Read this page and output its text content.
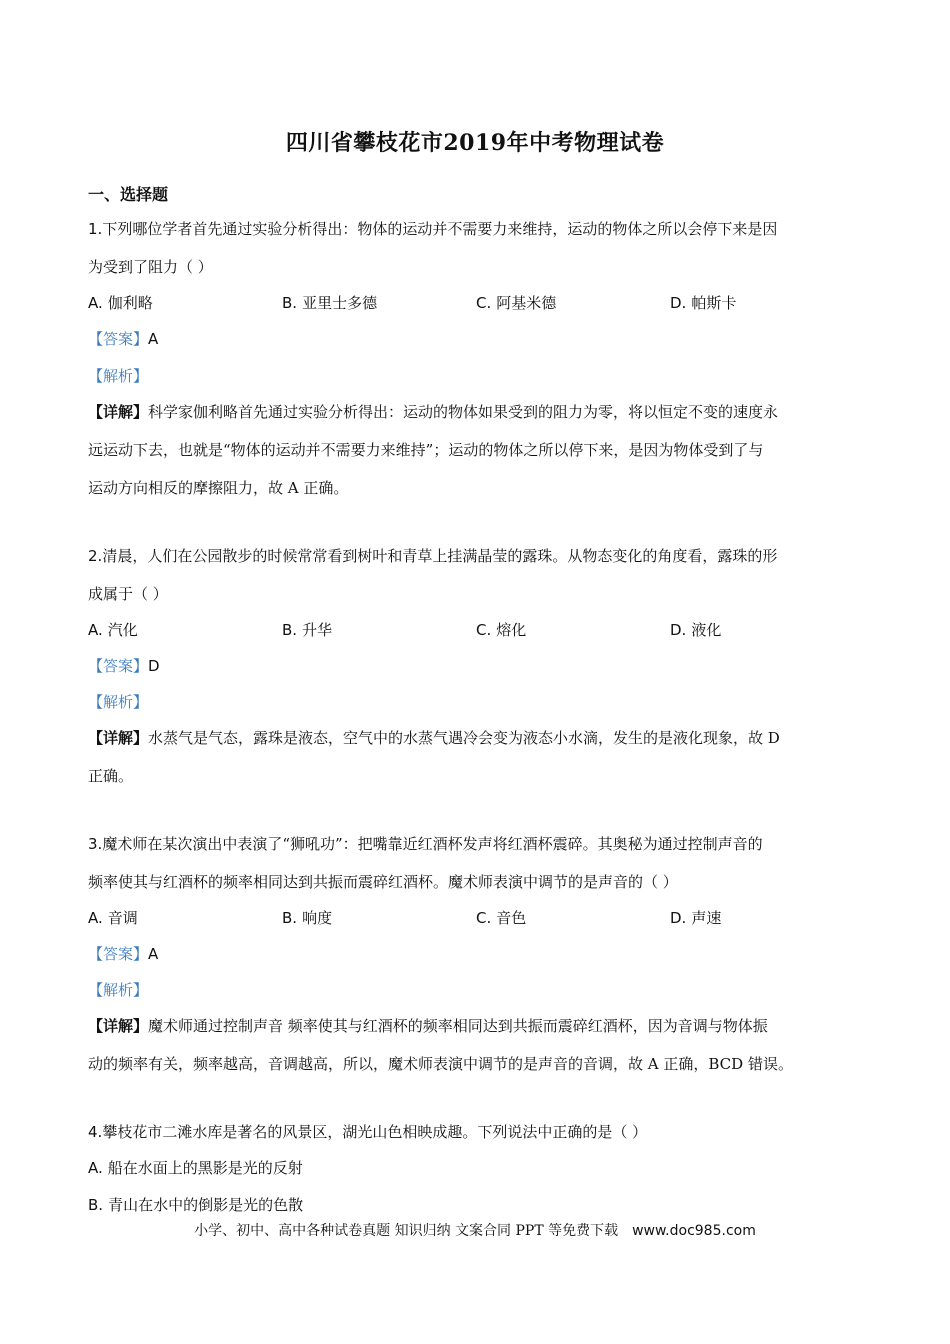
四川省攀枝花市2019年中考物理试卷
一、选择题
1.下列哪位学者首先通过实验分析得出：物体的运动并不需要力来维持，运动的物体之所以会停下来是因
为受到了阻力（ ）
A. 伽利略	B. 亚里士多德	C. 阿基米德	D. 帕斯卡
【答案】A
【解析】
【详解】科学家伽利略首先通过实验分析得出：运动的物体如果受到的阻力为零，将以恒定不变的速度永
远运动下去，也就是“物体的运动并不需要力来维持”；运动的物体之所以停下来，是因为物体受到了与
运动方向相反的摩擦阻力，故 A 正确。
2.清晨，人们在公园散步的时候常常看到树叶和青草上挂满晶莹的露珠。从物态变化的角度看，露珠的形
成属于（ ）
A. 汽化	B. 升华	C. 熔化	D. 液化
【答案】D
【解析】
【详解】水蒸气是气态，露珠是液态，空气中的水蒸气遇冷会变为液态小水滴，发生的是液化现象，故 D
正确。
3.魔术师在某次演出中表演了“狮吼功”：把嘴靠近红酒杯发声将红酒杯震碎。其奥秘为通过控制声音的
频率使其与红酒杯的频率相同达到共振而震碎红酒杯。魔术师表演中调节的是声音的（ ）
A. 音调	B. 响度	C. 音色	D. 声速
【答案】A
【解析】
【详解】魔术师通过控制声音 频率使其与红酒杯的频率相同达到共振而震碎红酒杯，因为音调与物体振
动的频率有关，频率越高，音调越高，所以，魔术师表演中调节的是声音的音调，故 A 正确，BCD 错误。
4.攀枝花市二滩水库是著名的风景区，湖光山色相映成趣。下列说法中正确的是（ ）
A. 船在水面上的黑影是光的反射
B. 青山在水中的倒影是光的色散
小学、初中、高中各种试卷真题 知识归纳 文案合同 PPT 等免费下载 www.doc985.com
